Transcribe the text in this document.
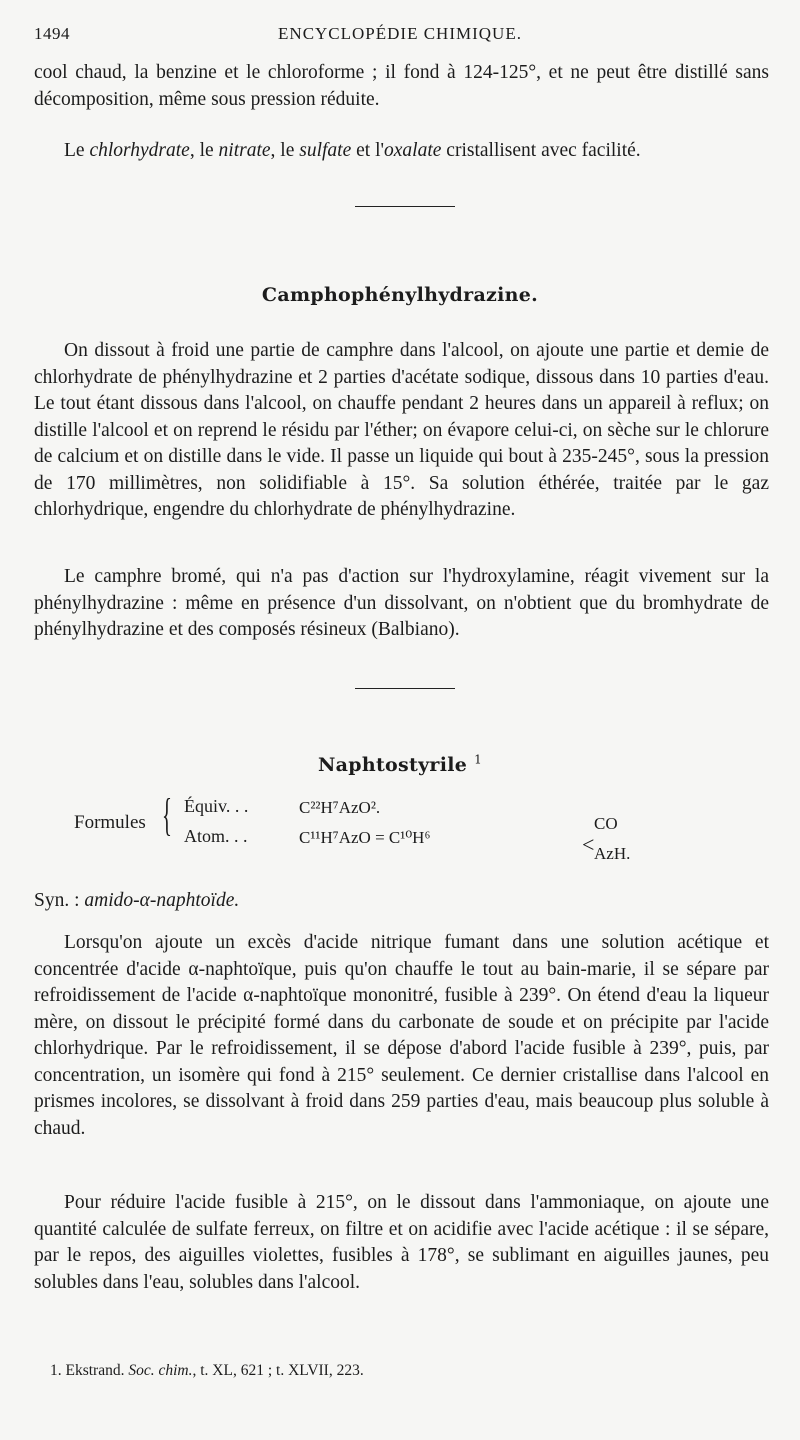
1494	ENCYCLOPÉDIE CHIMIQUE.

cool chaud, la benzine et le chloroforme ; il fond à 124-125°, et ne peut être distillé sans décomposition, même sous pression réduite.

Le chlorhydrate, le nitrate, le sulfate et l'oxalate cristallisent avec facilité.

Camphophénylhydrazine.

On dissout à froid une partie de camphre dans l'alcool, on ajoute une partie et demie de chlorhydrate de phénylhydrazine et 2 parties d'acétate sodique, dissous dans 10 parties d'eau. Le tout étant dissous dans l'alcool, on chauffe pendant 2 heures dans un appareil à reflux; on distille l'alcool et on reprend le résidu par l'éther; on évapore celui-ci, on sèche sur le chlorure de calcium et on distille dans le vide. Il passe un liquide qui bout à 235-245°, sous la pression de 170 millimètres, non solidifiable à 15°. Sa solution éthérée, traitée par le gaz chlorhydrique, engendre du chlorhydrate de phénylhydrazine.

Le camphre bromé, qui n'a pas d'action sur l'hydroxylamine, réagit vivement sur la phénylhydrazine : même en présence d'un dissolvant, on n'obtient que du bromhydrate de phénylhydrazine et des composés résineux (Balbiano).

Naphtostyrile $^1$
Formules { Équiv. . .	C²²H⁷AzO².
Atom. . .	C¹¹H⁷AzO = C¹⁰H⁶	<
CO
AzH.
Syn. : amido-α-naphtoïde.

Lorsqu'on ajoute un excès d'acide nitrique fumant dans une solution acétique et concentrée d'acide α-naphtoïque, puis qu'on chauffe le tout au bain-marie, il se sépare par refroidissement de l'acide α-naphtoïque mononitré, fusible à 239°. On étend d'eau la liqueur mère, on dissout le précipité formé dans du carbonate de soude et on précipite par l'acide chlorhydrique. Par le refroidissement, il se dépose d'abord l'acide fusible à 239°, puis, par concentration, un isomère qui fond à 215° seulement. Ce dernier cristallise dans l'alcool en prismes incolores, se dissolvant à froid dans 259 parties d'eau, mais beaucoup plus soluble à chaud.

Pour réduire l'acide fusible à 215°, on le dissout dans l'ammoniaque, on ajoute une quantité calculée de sulfate ferreux, on filtre et on acidifie avec l'acide acétique : il se sépare, par le repos, des aiguilles violettes, fusibles à 178°, se sublimant en aiguilles jaunes, peu solubles dans l'eau, solubles dans l'alcool.

1. Ekstrand. Soc. chim., t. XL, 621 ; t. XLVII, 223.
